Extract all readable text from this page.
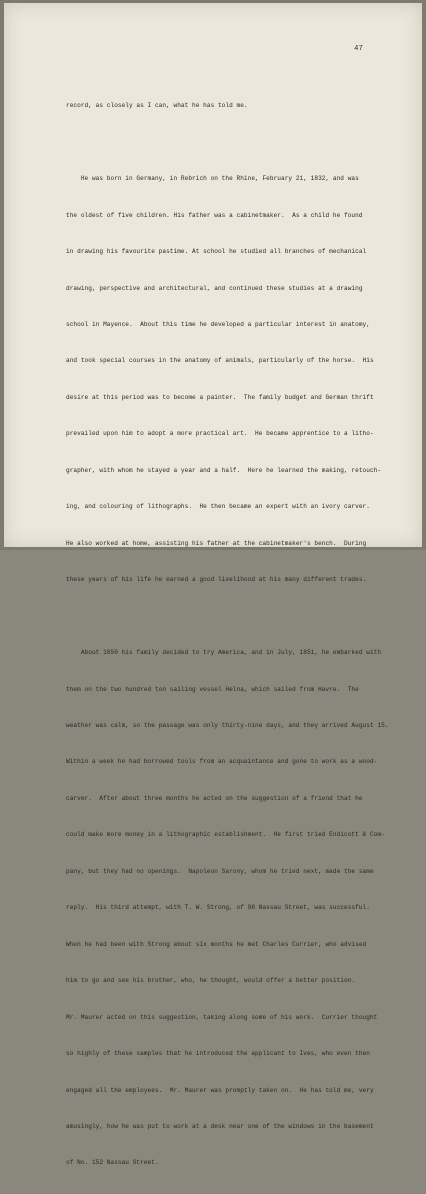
47

record, as closely as I can, what he has told me.

He was born in Germany, in Rebrich on the Rhine, February 21, 1832, and was

the oldest of five children. His father was a cabinetmaker.  As a child he found

in drawing his favourite pastime. At school he studied all branches of mechanical

drawing, perspective and architectural, and continued these studies at a drawing

school in Mayence.  About this time he developed a particular interest in anatomy,

and took special courses in the anatomy of animals, particularly of the horse.  His

desire at this period was to become a painter.  The family budget and German thrift

prevailed upon him to adopt a more practical art.  He became apprentice to a litho-

grapher, with whom he stayed a year and a half.  Here he learned the making, retouch-

ing, and colouring of lithographs.  He then became an expert with an ivory carver.

He also worked at home, assisting his father at the cabinetmaker's bench.  During

these years of his life he earned a good livelihood at his many different trades.

About 1850 his family decided to try America, and in July, 1851, he embarked with

them on the two hundred ton sailing vessel Helna, which sailed from Havre.  The

weather was calm, so the passage was only thirty-nine days, and they arrived August 15.

Within a week he had borrowed tools from an acquaintance and gone to work as a wood-

carver.  After about three months he acted on the suggestion of a friend that he

could make more money in a lithographic establishment.  He first tried Endicott & Com-

pany, but they had no openings.  Napoleon Sarony, whom he tried next, made the same

reply.  His third attempt, with T. W. Strong, of 98 Nassau Street, was successful.

When he had been with Strong about six months he met Charles Currier, who advised

him to go and see his brother, who, he thought, would offer a better position.

Mr. Maurer acted on this suggestion, taking along some of his work.  Currier thought

so highly of these samples that he introduced the applicant to Ives, who even then

engaged all the employees.  Mr. Maurer was promptly taken on.  He has told me, very

amusingly, how he was put to work at a desk near one of the windows in the basement

of No. 152 Nassau Street.
